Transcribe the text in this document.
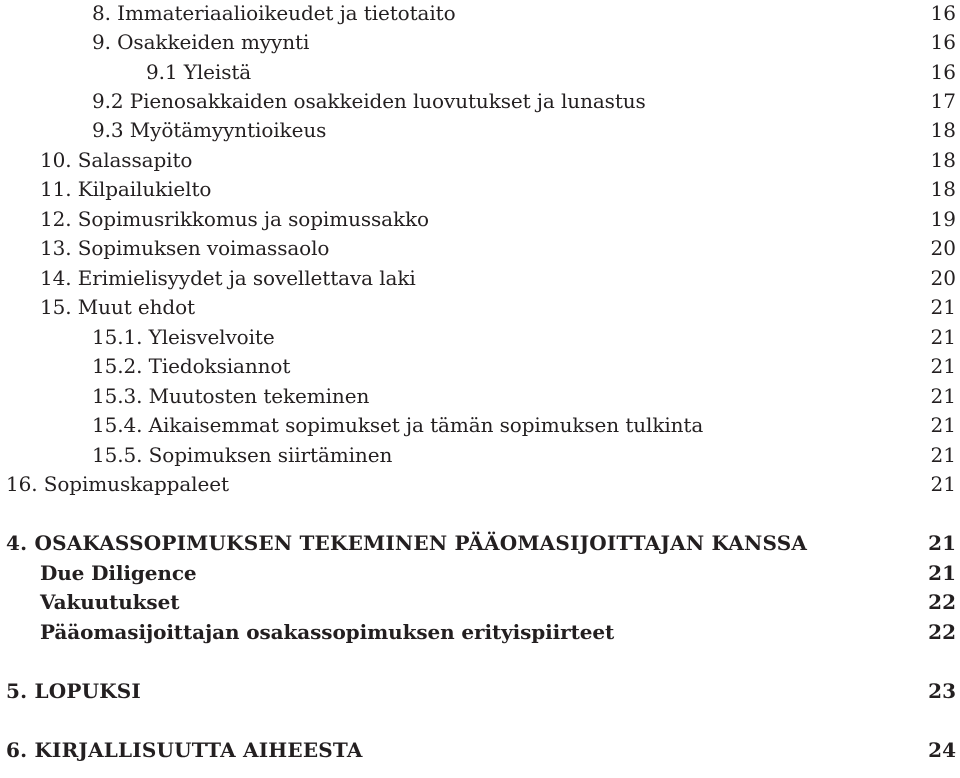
8. Immateriaalioikeudet ja tietotaito	16
9. Osakkeiden myynti	16
9.1 Yleistä	16
9.2 Pienosakkaiden osakkeiden luovutukset ja lunastus	17
9.3 Myötämyyntioikeus	18
10. Salassapito	18
11. Kilpailukielto	18
12. Sopimusrikkomus ja sopimussakko	19
13. Sopimuksen voimassaolo	20
14. Erimielisyydet ja sovellettava laki	20
15. Muut ehdot	21
15.1. Yleisvelvoite	21
15.2. Tiedoksiannot	21
15.3. Muutosten tekeminen	21
15.4. Aikaisemmat sopimukset ja tämän sopimuksen tulkinta	21
15.5. Sopimuksen siirtäminen	21
16. Sopimuskappaleet	21
4. OSAKASSOPIMUKSEN TEKEMINEN PÄÄOMASIJOITTAJAN KANSSA	21
Due Diligence	21
Vakuutukset	22
Pääomasijoittajan osakassopimuksen erityispiirteet	22
5. LOPUKSI	23
6. KIRJALLISUUTTA AIHEESTA	24
